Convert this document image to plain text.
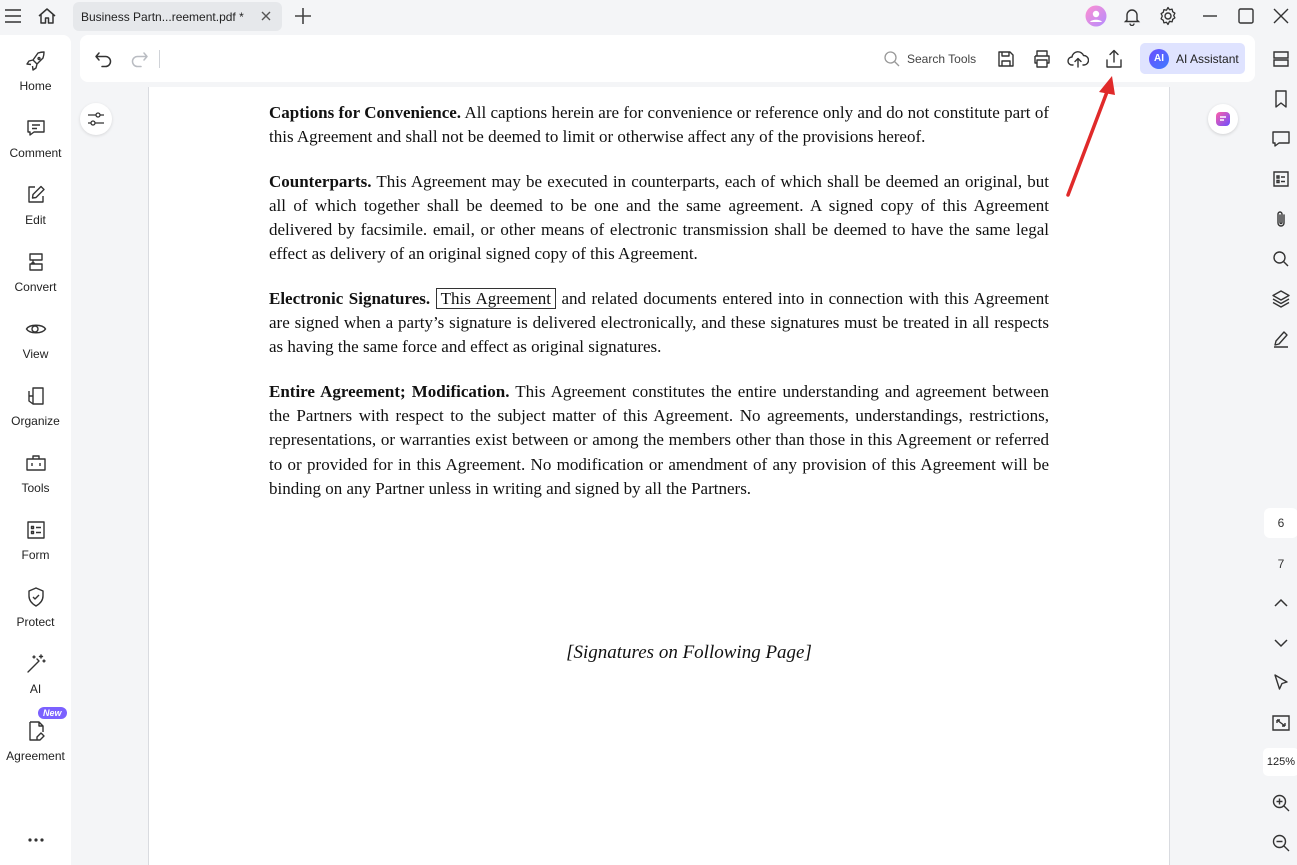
Business Partn...reement.pdf *
Home
Comment
Edit
Convert
View
Organize
Tools
Form
Protect
AI
New
Agreement
Search Tools	AI	AI Assistant

Captions for Convenience. All captions herein are for convenience or reference only and do not constitute part of this Agreement and shall not be deemed to limit or otherwise affect any of the provisions hereof.

Counterparts. This Agreement may be executed in counterparts, each of which shall be deemed an original, but all of which together shall be deemed to be one and the same agreement. A signed copy of this Agreement delivered by facsimile. email, or other means of electronic transmission shall be deemed to have the same legal effect as delivery of an original signed copy of this Agreement.

Electronic Signatures. This Agreement and related documents entered into in connection with this Agreement are signed when a party’s signature is delivered electronically, and these signatures must be treated in all respects as having the same force and effect as original signatures.

Entire Agreement; Modification. This Agreement constitutes the entire understanding and agreement between the Partners with respect to the subject matter of this Agreement. No agreements, understandings, restrictions, representations, or warranties exist between or among the members other than those in this Agreement or referred to or provided for in this Agreement. No modification or amendment of any provision of this Agreement will be binding on any Partner unless in writing and signed by all the Partners.

[Signatures on Following Page]
6
7
125%
